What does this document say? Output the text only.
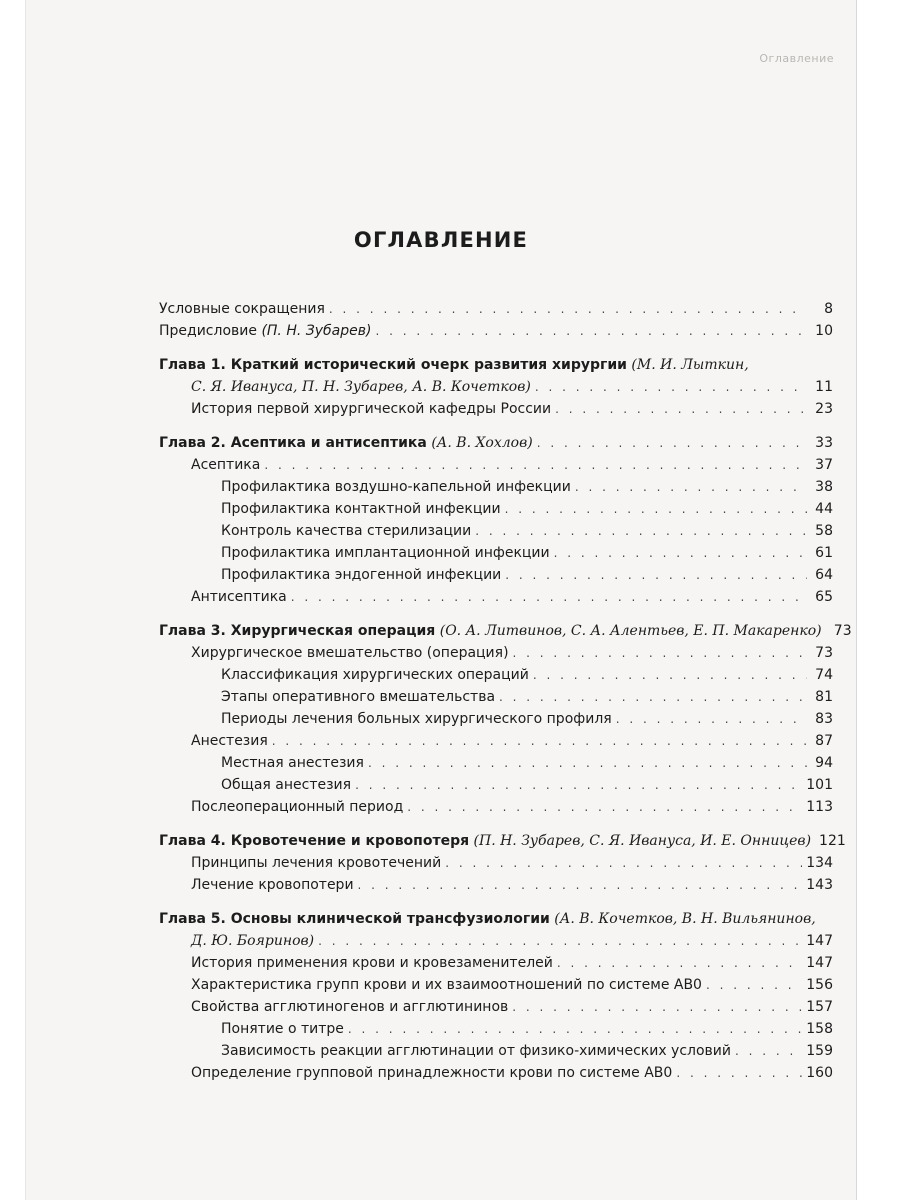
Оглавление
ОГЛАВЛЕНИЕ
Условные сокращения . . .	8
Предисловие (П. Н. Зубарев) . . .	10
Глава 1. Краткий исторический очерк развития хирургии (М. И. Лыткин,
С. Я. Ивануса, П. Н. Зубарев, А. В. Кочетков) . . .	11
История первой хирургической кафедры России . . .	23
Глава 2. Асептика и антисептика (А. В. Хохлов) . . .	33
Асептика . . .	37
Профилактика воздушно-капельной инфекции . . .	38
Профилактика контактной инфекции . . .	44
Контроль качества стерилизации . . .	58
Профилактика имплантационной инфекции . . .	61
Профилактика эндогенной инфекции . . .	64
Антисептика . . .	65
Глава 3. Хирургическая операция (О. А. Литвинов, С. А. Алентьев, Е. П. Макаренко) 73
Хирургическое вмешательство (операция) . . .	73
Классификация хирургических операций . . .	74
Этапы оперативного вмешательства . . .	81
Периоды лечения больных хирургического профиля . . .	83
Анестезия . . .	87
Местная анестезия . . .	94
Общая анестезия . . .	101
Послеоперационный период . . .	113
Глава 4. Кровотечение и кровопотеря (П. Н. Зубарев, С. Я. Ивануса, И. Е. Онницев) 121
Принципы лечения кровотечений . . .	134
Лечение кровопотери . . .	143
Глава 5. Основы клинической трансфузиологии (А. В. Кочетков, В. Н. Вильянинов,
Д. Ю. Бояринов) . . .	147
История применения крови и кровезаменителей . . .	147
Характеристика групп крови и их взаимоотношений по системе АВ0 . . .	156
Свойства агглютиногенов и агглютининов . . .	157
Понятие о титре . . .	158
Зависимость реакции агглютинации от физико-химических условий . . .	159
Определение групповой принадлежности крови по системе АВ0 . . .	160
